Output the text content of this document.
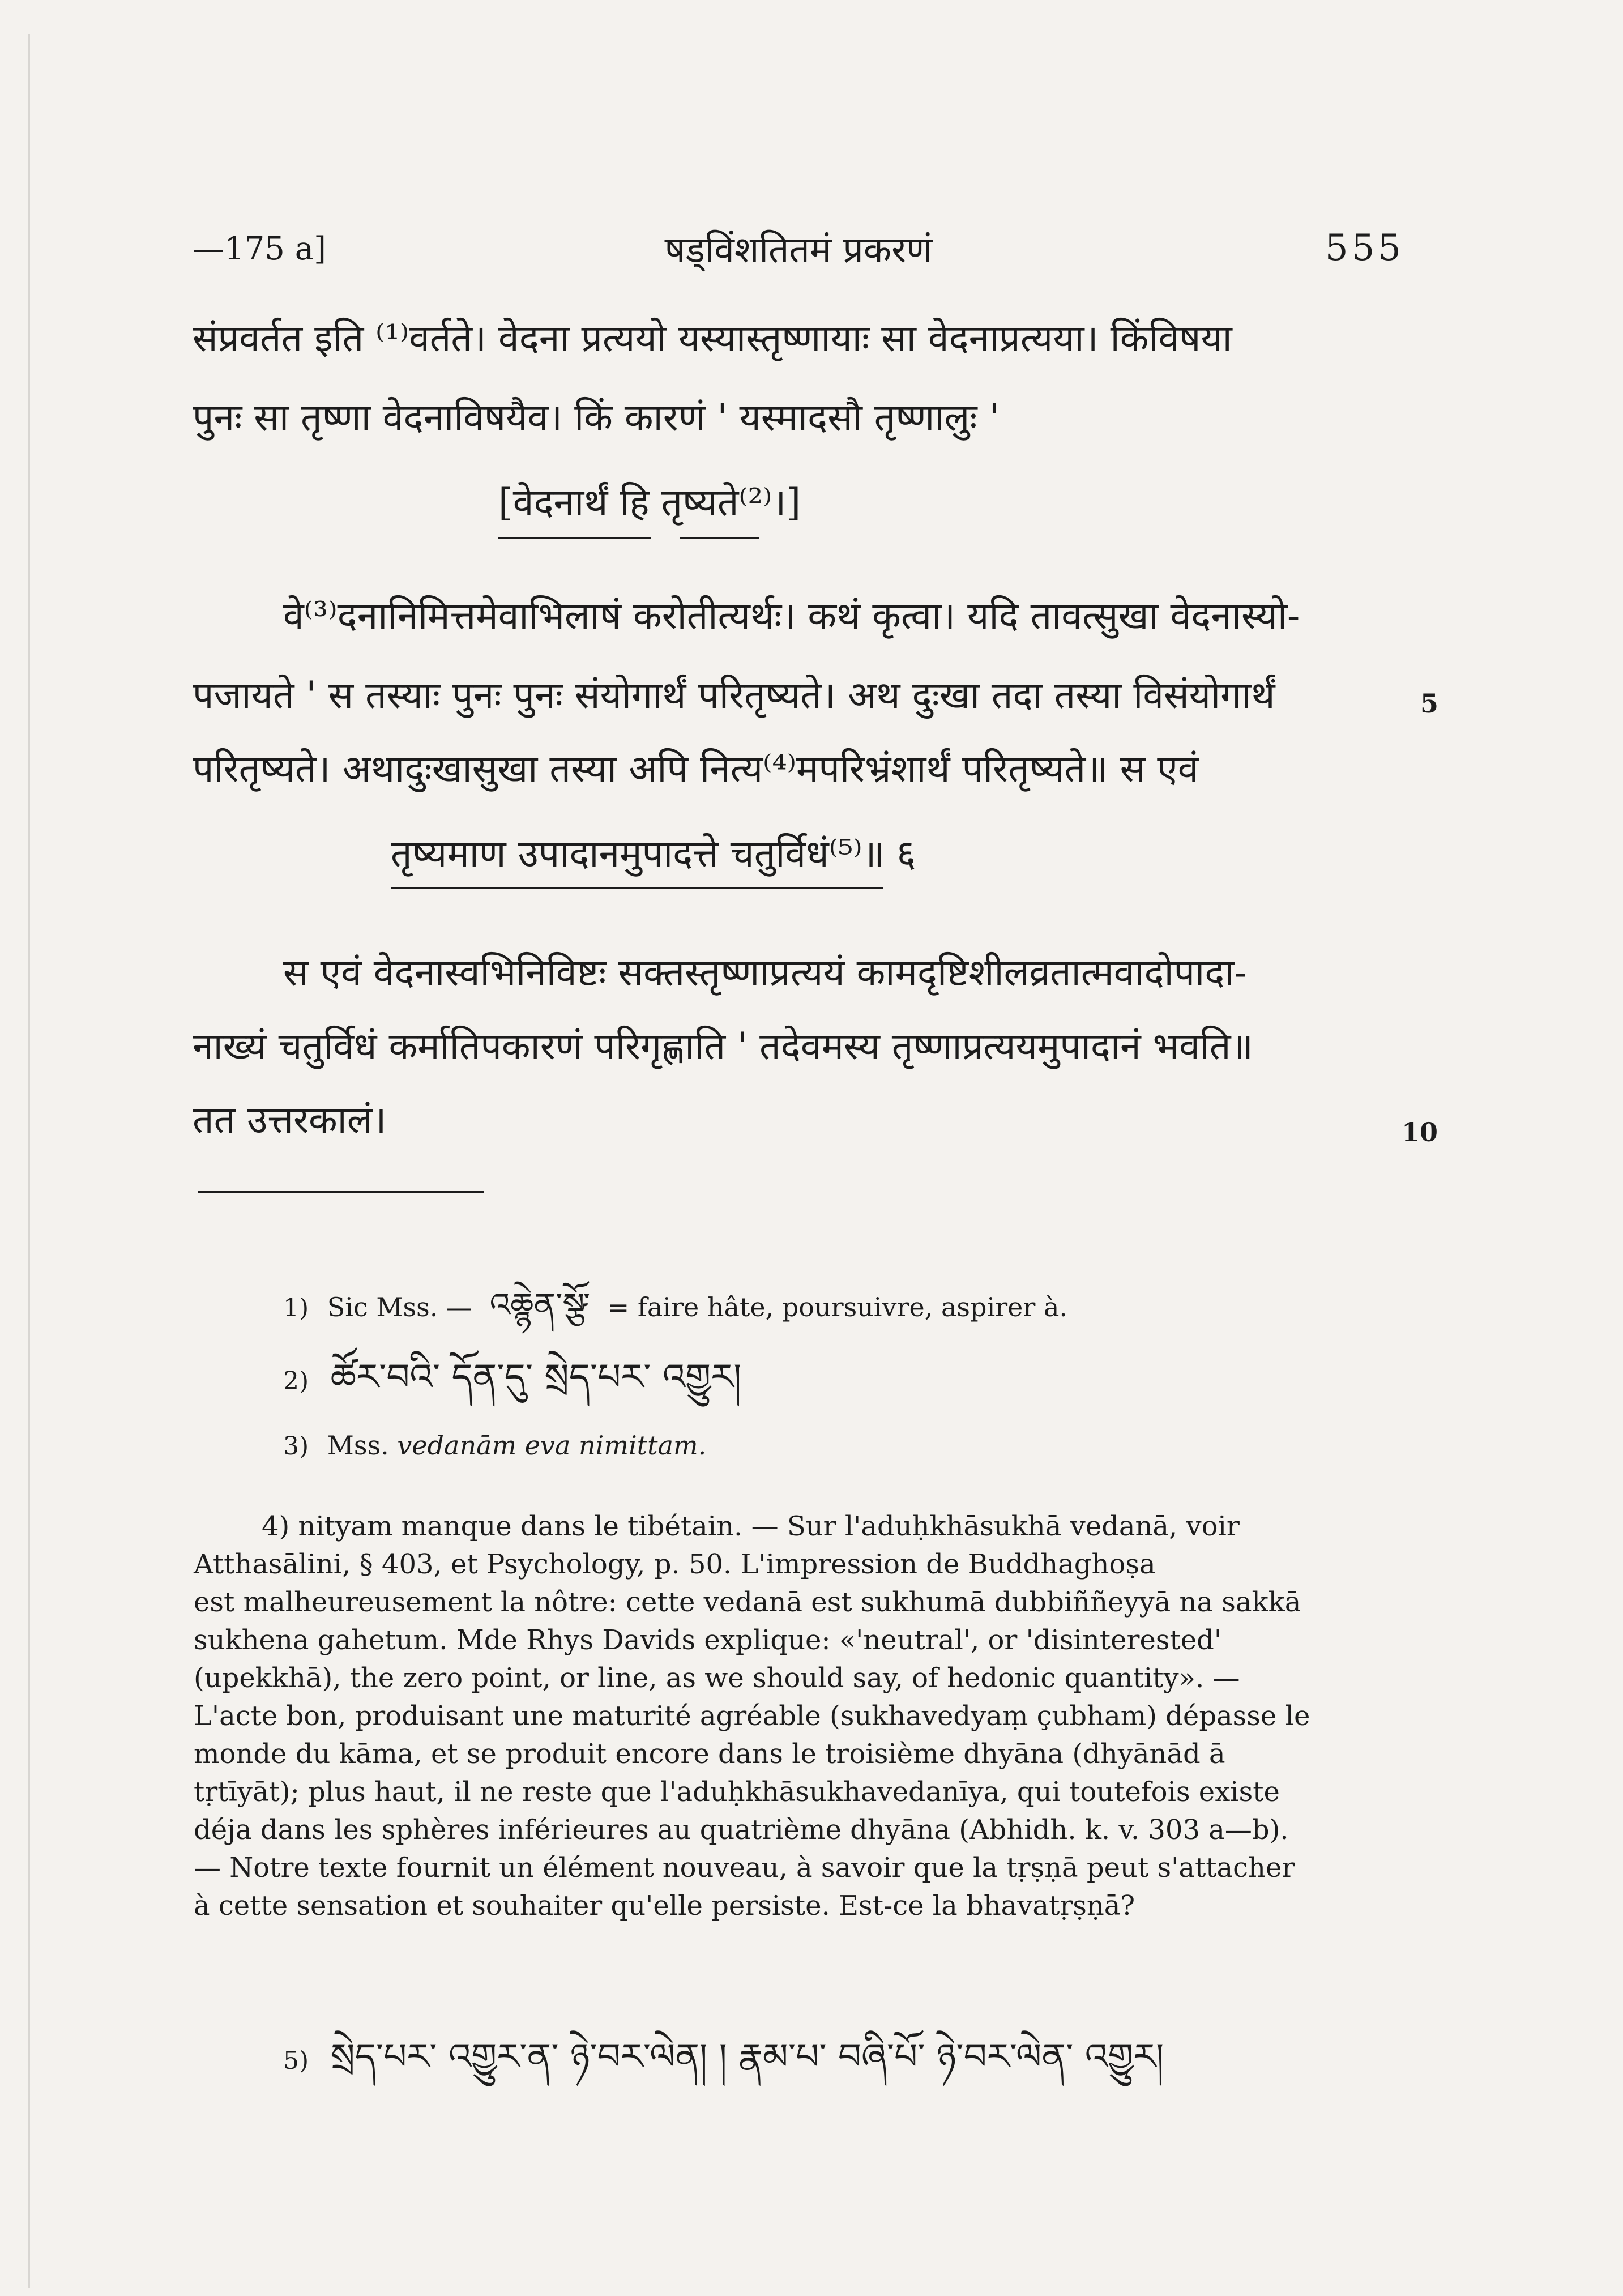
—175 a]	षड्विंशतितमं प्रकरणं	555
संप्रवर्तत इति ⁽¹⁾वर्तते। वेदना प्रत्ययो यस्यास्तृष्णायाः सा वेदनाप्रत्यया। किंविषया
पुनः सा तृष्णा वेदनाविषयैव। किं कारणं ' यस्मादसौ तृष्णालुः '
[वेदनार्थं हि तृष्यते⁽²⁾।]
वे⁽³⁾दनानिमित्तमेवाभिलाषं करोतीत्यर्थः। कथं कृत्वा। यदि तावत्सुखा वेदनास्यो-
पजायते ' स तस्याः पुनः पुनः संयोगार्थं परितृष्यते। अथ दुःखा तदा तस्या विसंयोगार्थं	5
परितृष्यते। अथादुःखासुखा तस्या अपि नित्य⁽⁴⁾मपरिभ्रंशार्थं परितृष्यते॥ स एवं
तृष्यमाण उपादानमुपादत्ते चतुर्विधं⁽⁵⁾॥ ६
स एवं वेदनास्वभिनिविष्टः सक्तस्तृष्णाप्रत्ययं कामदृष्टिशीलव्रतात्मवादोपादा-
नाख्यं चतुर्विधं कर्मातिपकारणं परिगृह्णाति ' तदेवमस्य तृष्णाप्रत्ययमुपादानं भवति॥
तत उत्तरकालं।	10
1) Sic Mss. — འཆྙེན་སྩོ་ = faire hâte, poursuivre, aspirer à.
2) ཚོར་བའི་ དོན་དུ་ སྲེད་པར་ འགྱུར།
3) Mss. vedanām eva nimittam.

4) nityam manque dans le tibétain. — Sur l'aduḥkhāsukhā vedanā, voir

Atthasālini, § 403, et Psychology, p. 50. L'impression de Buddhaghoṣa

est malheureusement la nôtre: cette vedanā est sukhumā dubbiññeyyā na sakkā

sukhena gahetum. Mde Rhys Davids explique: «'neutral', or 'disinterested'

(upekkhā), the zero point, or line, as we should say, of hedonic quantity». —

L'acte bon, produisant une maturité agréable (sukhavedyaṃ çubham) dépasse le

monde du kāma, et se produit encore dans le troisième dhyāna (dhyānād ā

tṛtīyāt); plus haut, il ne reste que l'aduḥkhāsukhavedanīya, qui toutefois existe

déja dans les sphères inférieures au quatrième dhyāna (Abhidh. k. v. 303 a—b).

— Notre texte fournit un élément nouveau, à savoir que la tṛṣṇā peut s'attacher

à cette sensation et souhaiter qu'elle persiste. Est-ce la bhavatṛṣṇā?

5) སྲེད་པར་ འགྱུར་ན་ ཉེ་བར་ལེན། ། རྣམ་པ་ བཞི་པོ་ ཉེ་བར་ལེན་ འགྱུར།
